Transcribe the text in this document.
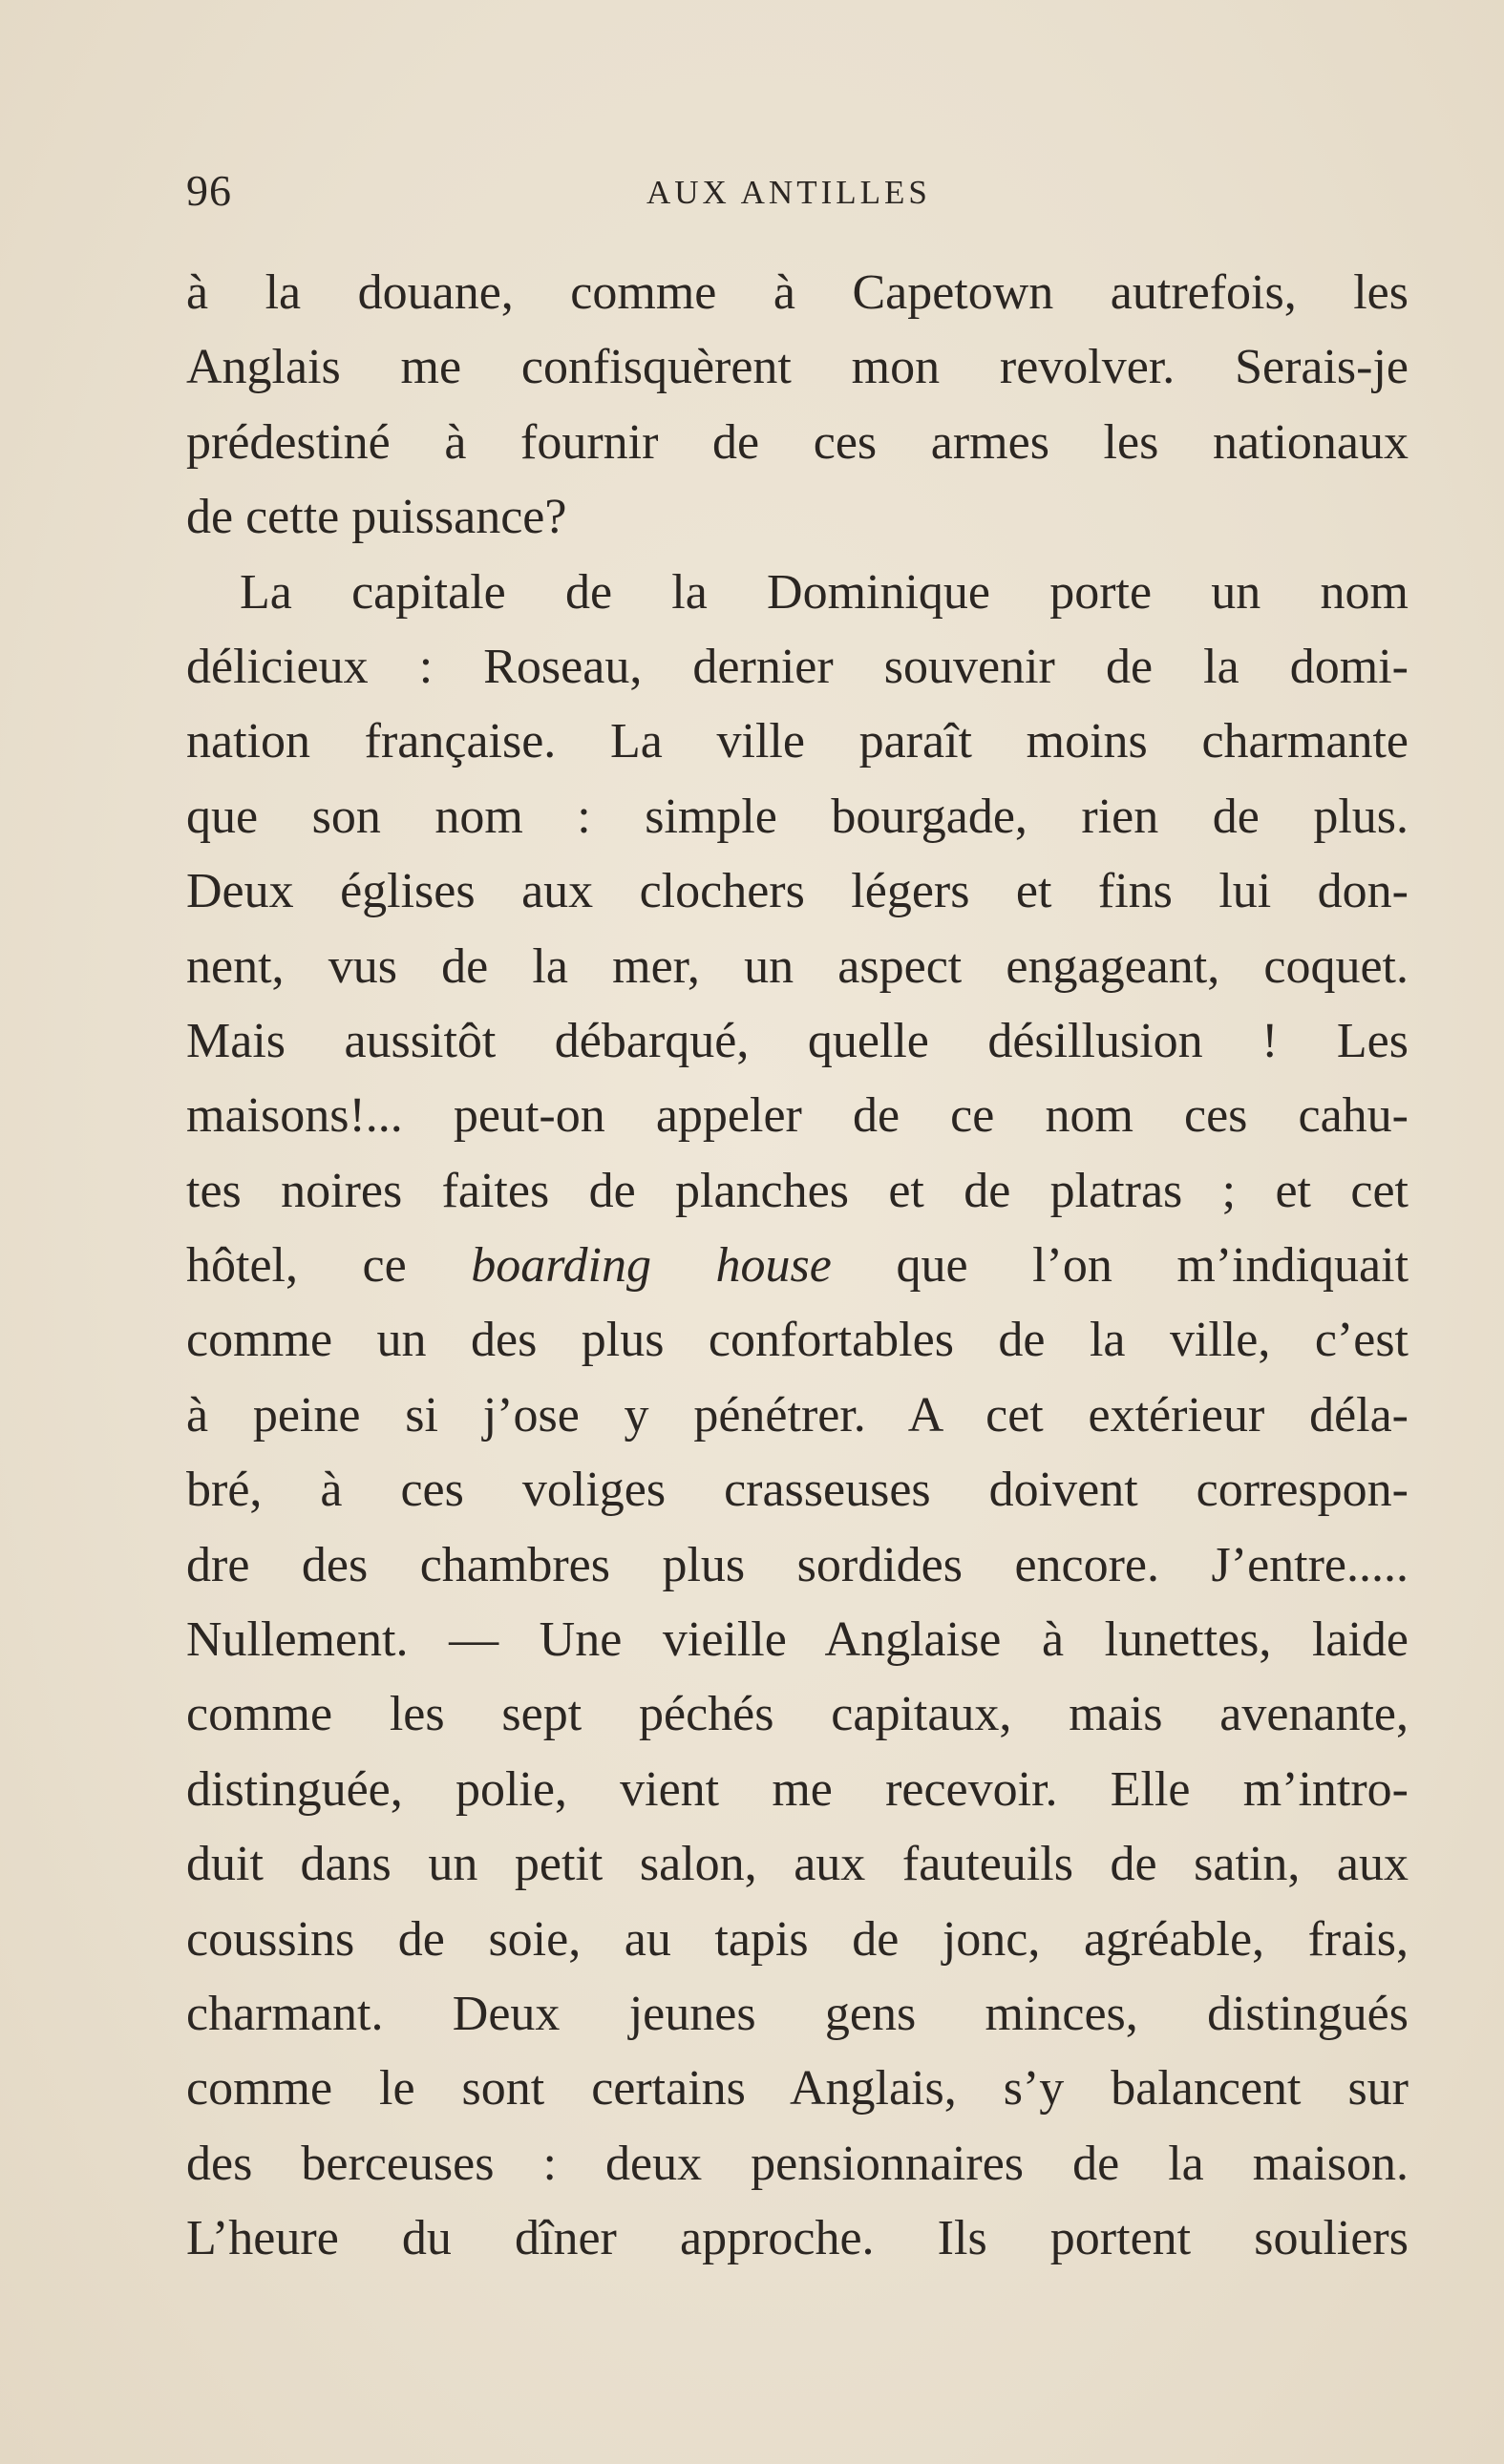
96	AUX ANTILLES
à la douane, comme à Capetown autrefois, les
Anglais me confisquèrent mon revolver. Serais-je
prédestiné à fournir de ces armes les nationaux
de cette puissance?
La capitale de la Dominique porte un nom
délicieux : Roseau, dernier souvenir de la domi-
nation française. La ville paraît moins charmante
que son nom : simple bourgade, rien de plus.
Deux églises aux clochers légers et fins lui don-
nent, vus de la mer, un aspect engageant, coquet.
Mais aussitôt débarqué, quelle désillusion ! Les
maisons!... peut-on appeler de ce nom ces cahu-
tes noires faites de planches et de platras ; et cet
hôtel, ce boarding house que l’on m’indiquait
comme un des plus confortables de la ville, c’est
à peine si j’ose y pénétrer. A cet extérieur déla-
bré, à ces voliges crasseuses doivent correspon-
dre des chambres plus sordides encore. J’entre.....
Nullement. — Une vieille Anglaise à lunettes, laide
comme les sept péchés capitaux, mais avenante,
distinguée, polie, vient me recevoir. Elle m’intro-
duit dans un petit salon, aux fauteuils de satin, aux
coussins de soie, au tapis de jonc, agréable, frais,
charmant. Deux jeunes gens minces, distingués
comme le sont certains Anglais, s’y balancent sur
des berceuses : deux pensionnaires de la maison.
L’heure du dîner approche. Ils portent souliers
